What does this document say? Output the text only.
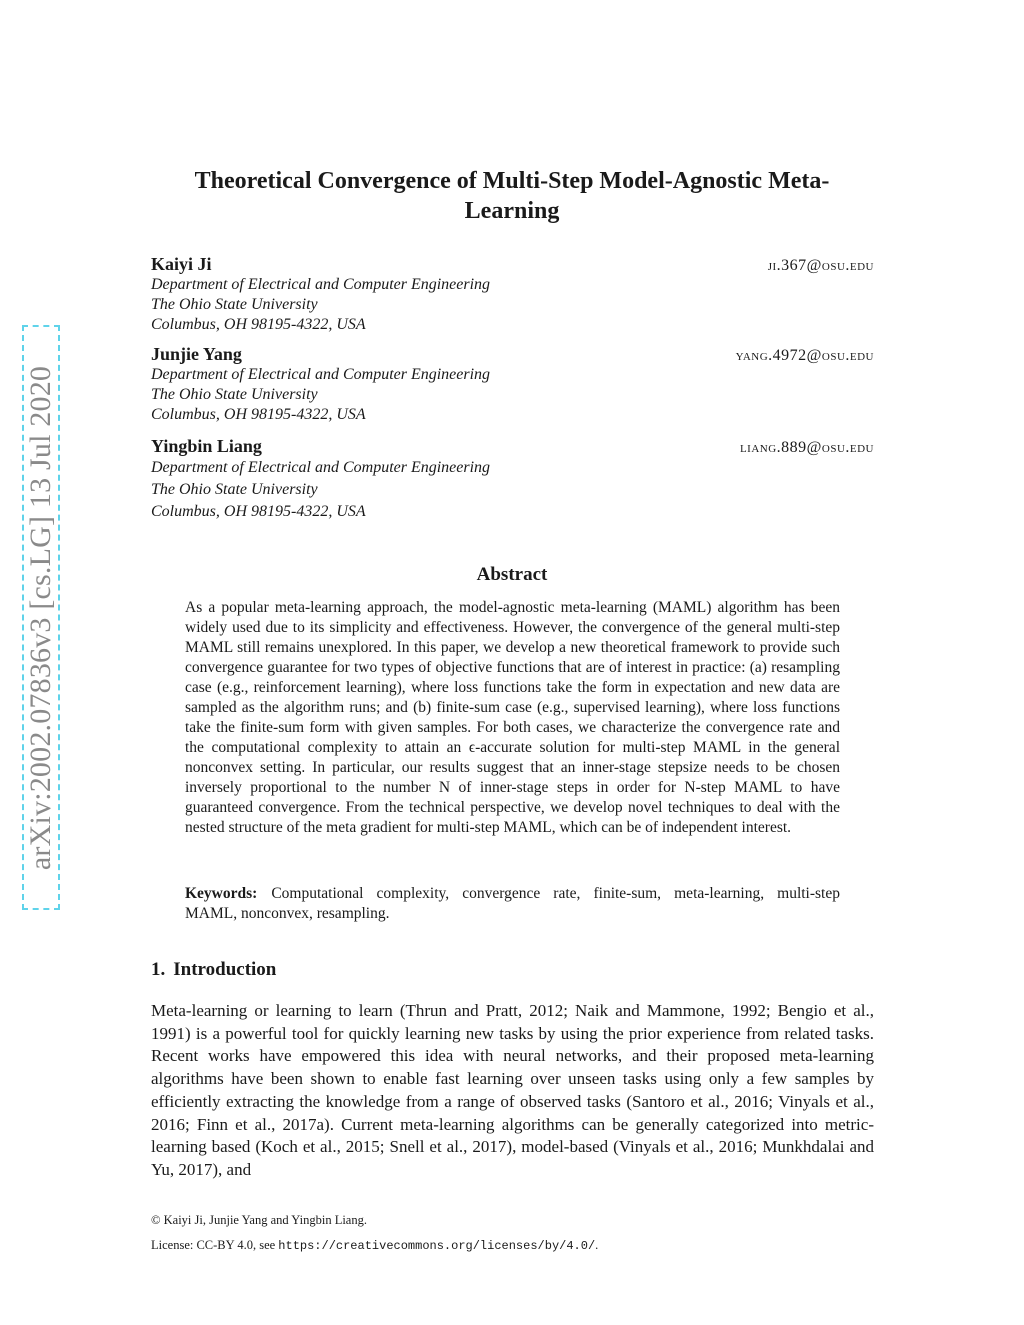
arXiv:2002.07836v3 [cs.LG] 13 Jul 2020
Theoretical Convergence of Multi-Step Model-Agnostic Meta-Learning
Kaiyi Ji	ji.367@osu.edu
Department of Electrical and Computer Engineering
The Ohio State University
Columbus, OH 98195-4322, USA
Junjie Yang	yang.4972@osu.edu
Department of Electrical and Computer Engineering
The Ohio State University
Columbus, OH 98195-4322, USA
Yingbin Liang	liang.889@osu.edu
Department of Electrical and Computer Engineering
The Ohio State University
Columbus, OH 98195-4322, USA
Abstract
As a popular meta-learning approach, the model-agnostic meta-learning (MAML) algorithm has been widely used due to its simplicity and effectiveness. However, the convergence of the general multi-step MAML still remains unexplored. In this paper, we develop a new theoretical framework to provide such convergence guarantee for two types of objective functions that are of interest in practice: (a) resampling case (e.g., reinforcement learning), where loss functions take the form in expectation and new data are sampled as the algorithm runs; and (b) finite-sum case (e.g., supervised learning), where loss functions take the finite-sum form with given samples. For both cases, we characterize the convergence rate and the computational complexity to attain an ϵ-accurate solution for multi-step MAML in the general nonconvex setting. In particular, our results suggest that an inner-stage stepsize needs to be chosen inversely proportional to the number N of inner-stage steps in order for N-step MAML to have guaranteed convergence. From the technical perspective, we develop novel techniques to deal with the nested structure of the meta gradient for multi-step MAML, which can be of independent interest.
Keywords: Computational complexity, convergence rate, finite-sum, meta-learning, multi-step MAML, nonconvex, resampling.
1. Introduction
Meta-learning or learning to learn (Thrun and Pratt, 2012; Naik and Mammone, 1992; Bengio et al., 1991) is a powerful tool for quickly learning new tasks by using the prior experience from related tasks. Recent works have empowered this idea with neural networks, and their proposed meta-learning algorithms have been shown to enable fast learning over unseen tasks using only a few samples by efficiently extracting the knowledge from a range of observed tasks (Santoro et al., 2016; Vinyals et al., 2016; Finn et al., 2017a). Current meta-learning algorithms can be generally categorized into metric-learning based (Koch et al., 2015; Snell et al., 2017), model-based (Vinyals et al., 2016; Munkhdalai and Yu, 2017), and
© Kaiyi Ji, Junjie Yang and Yingbin Liang.
License: CC-BY 4.0, see https://creativecommons.org/licenses/by/4.0/.
